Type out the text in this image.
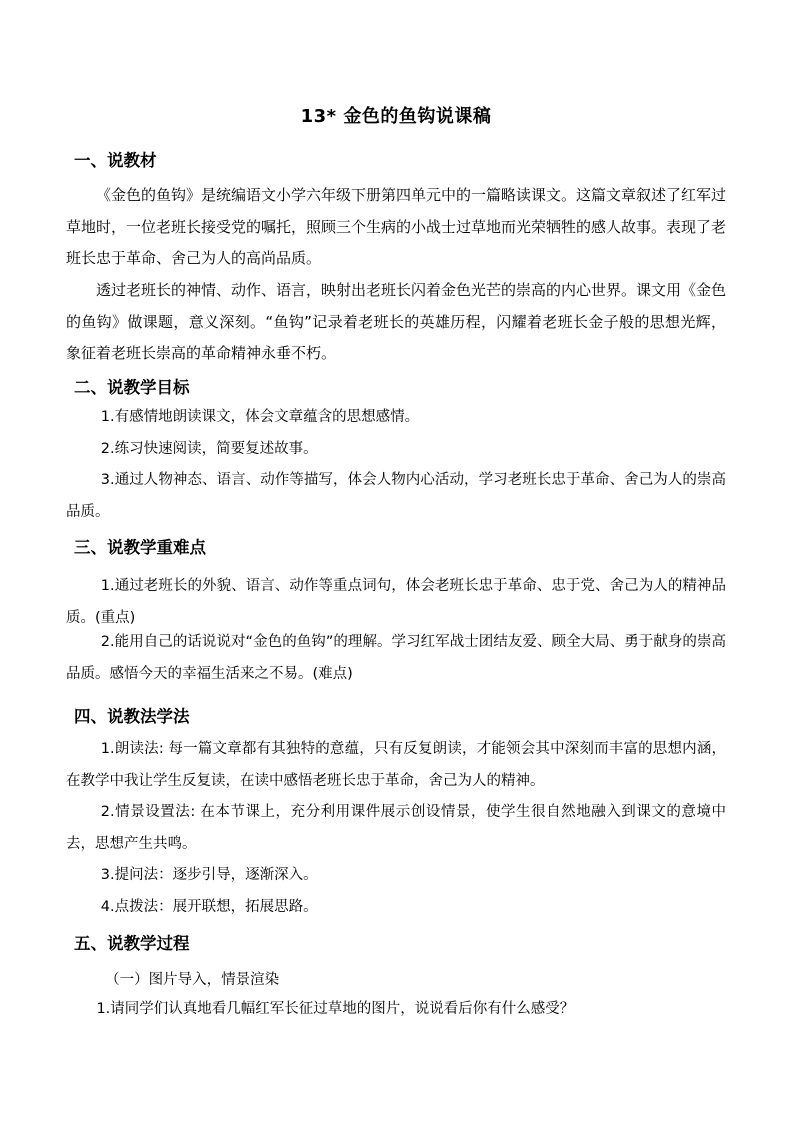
13* 金色的鱼钩说课稿
一、说教材
《金色的鱼钩》是统编语文小学六年级下册第四单元中的一篇略读课文。这篇文章叙述了红军过草地时，一位老班长接受党的嘱托，照顾三个生病的小战士过草地而光荣牺牲的感人故事。表现了老班长忠于革命、舍己为人的高尚品质。
透过老班长的神情、动作、语言，映射出老班长闪着金色光芒的崇高的内心世界。课文用《金色的鱼钩》做课题，意义深刻。“鱼钩”记录着老班长的英雄历程，闪耀着老班长金子般的思想光辉，象征着老班长崇高的革命精神永垂不朽。
二、说教学目标
1.有感情地朗读课文，体会文章蕴含的思想感情。
2.练习快速阅读，简要复述故事。
3.通过人物神态、语言、动作等描写，体会人物内心活动，学习老班长忠于革命、舍己为人的崇高品质。
三、说教学重难点
1.通过老班长的外貌、语言、动作等重点词句，体会老班长忠于革命、忠于党、舍己为人的精神品质。(重点)
2.能用自己的话说说对“金色的鱼钩”的理解。学习红军战士团结友爱、顾全大局、勇于献身的崇高品质。感悟今天的幸福生活来之不易。(难点)
四、说教法学法
1.朗读法: 每一篇文章都有其独特的意蕴，只有反复朗读，才能领会其中深刻而丰富的思想内涵，在教学中我让学生反复读，在读中感悟老班长忠于革命，舍己为人的精神。
2.情景设置法: 在本节课上，充分利用课件展示创设情景，使学生很自然地融入到课文的意境中去，思想产生共鸣。
3.提问法：逐步引导，逐渐深入。
4.点拨法：展开联想，拓展思路。
五、说教学过程
（一）图片导入，情景渲染
1.请同学们认真地看几幅红军长征过草地的图片，说说看后你有什么感受？
